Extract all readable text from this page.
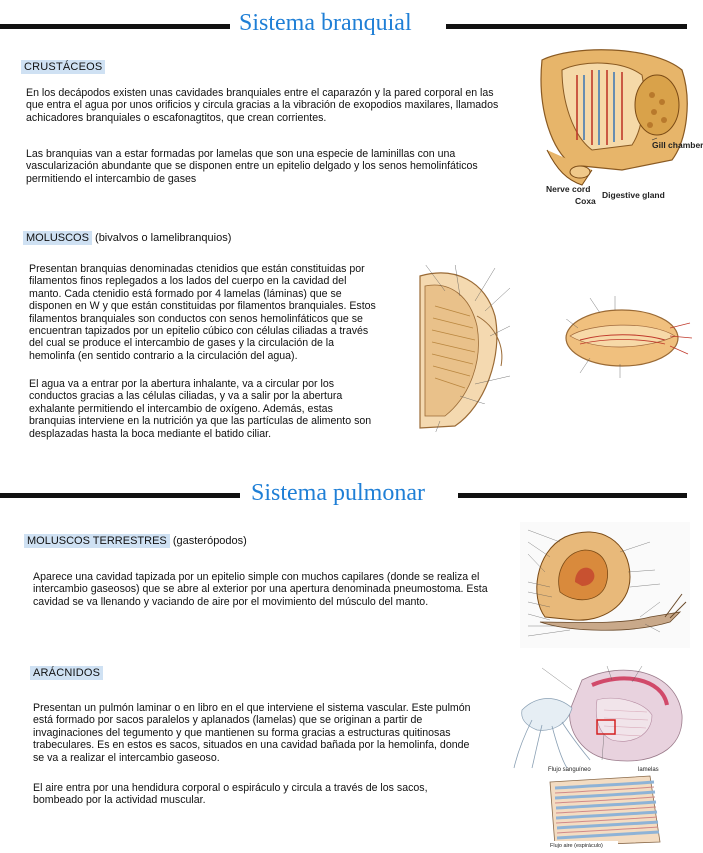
Sistema branquial
CRUSTÁCEOS
En los decápodos existen unas cavidades branquiales entre el caparazón y la pared corporal en las que entra el agua por unos orificios y circula gracias a la vibración de exopodios maxilares, llamados achicadores branquiales o escafonagtitos, que crean corrientes.
Las branquias van a estar formadas por lamelas que son una especie de laminillas con una vascularización abundante que se disponen entre un epitelio delgado y los senos hemolinfáticos permitiendo el intercambio de gases
Gill chamber
Nerve cord
Coxa
Digestive gland
MOLUSCOS (bivalvos o lamelibranquios)
Presentan branquias denominadas ctenidios que están constituidas por filamentos finos replegados a los lados del cuerpo en la cavidad del manto. Cada ctenidio está formado por 4 lamelas (láminas) que se disponen en W y que están constituidas por filamentos branquiales. Estos filamentos branquiales son conductos con senos hemolinfáticos que se encuentran tapizados por un epitelio cúbico con células ciliadas a través del cual se produce el intercambio de gases y la circulación de la hemolinfa (en sentido contrario a la circulación del agua).
El agua va a entrar por la abertura inhalante, va a circular por los conductos gracias a las células ciliadas, y va a salir por la abertura exhalante permitiendo el intercambio de oxígeno. Además, estas branquias interviene en la nutrición ya que las partículas de alimento son desplazadas hasta la boca mediante el batido ciliar.
Sistema pulmonar
MOLUSCOS TERRESTRES (gasterópodos)
Aparece una cavidad tapizada por un epitelio simple con muchos capilares (donde se realiza el intercambio gaseosos) que se abre al exterior por una apertura denominada pneumostoma. Esta cavidad se va llenando y vaciando de aire por el movimiento del músculo del manto.
ARÁCNIDOS
Presentan un pulmón laminar o en libro en el que interviene el sistema vascular. Este pulmón está formado por sacos paralelos y aplanados (lamelas) que se originan a partir de invaginaciones del tegumento y que mantienen su forma gracias a estructuras quitinosas trabeculares. Es en estos es sacos, situados en una cavidad bañada por la hemolinfa, donde se va a realizar el intercambio gaseoso.
El aire entra por una hendidura corporal o espiráculo y circula a través de los sacos, bombeado por la actividad muscular.
Flujo sanguíneo	lamelas
Flujo aire (espiráculo)
